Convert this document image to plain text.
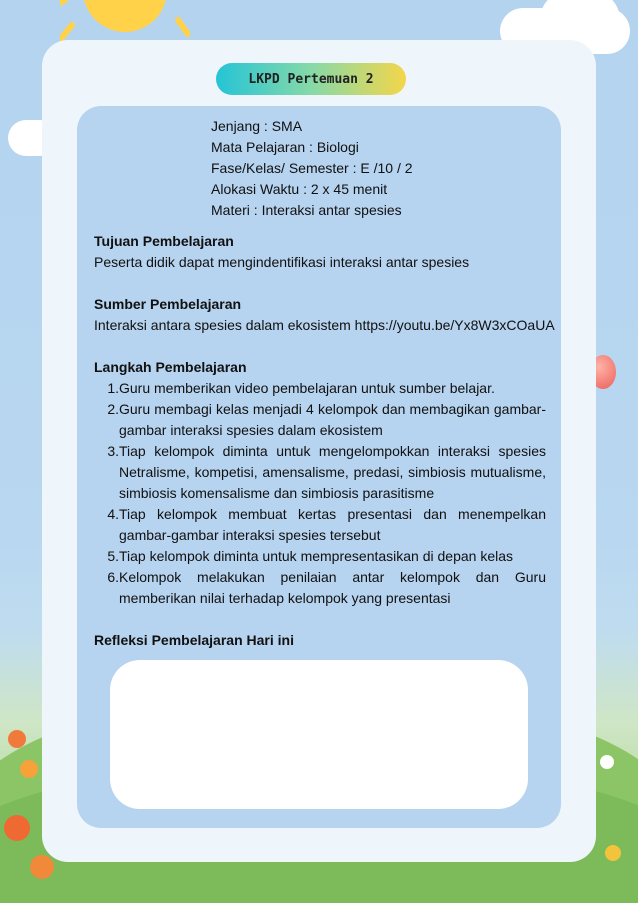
LKPD Pertemuan 2
Jenjang : SMA
Mata Pelajaran : Biologi
Fase/Kelas/ Semester : E /10 / 2
Alokasi Waktu : 2 x 45 menit
Materi : Interaksi antar spesies
Tujuan Pembelajaran
Peserta didik dapat mengindentifikasi interaksi antar spesies
Sumber Pembelajaran
Interaksi antara spesies dalam ekosistem https://youtu.be/Yx8W3xCOaUA
Langkah Pembelajaran
1. Guru memberikan video pembelajaran untuk sumber belajar.
2. Guru membagi kelas menjadi 4 kelompok dan membagikan gambar-gambar interaksi spesies dalam ekosistem
3. Tiap kelompok diminta untuk mengelompokkan interaksi spesies Netralisme, kompetisi, amensalisme, predasi, simbiosis mutualisme, simbiosis komensalisme dan simbiosis parasitisme
4. Tiap kelompok membuat kertas presentasi dan menempelkan gambar-gambar interaksi spesies tersebut
5. Tiap kelompok diminta untuk mempresentasikan di depan kelas
6. Kelompok melakukan penilaian antar kelompok dan Guru memberikan nilai terhadap kelompok yang presentasi
Refleksi Pembelajaran Hari ini
